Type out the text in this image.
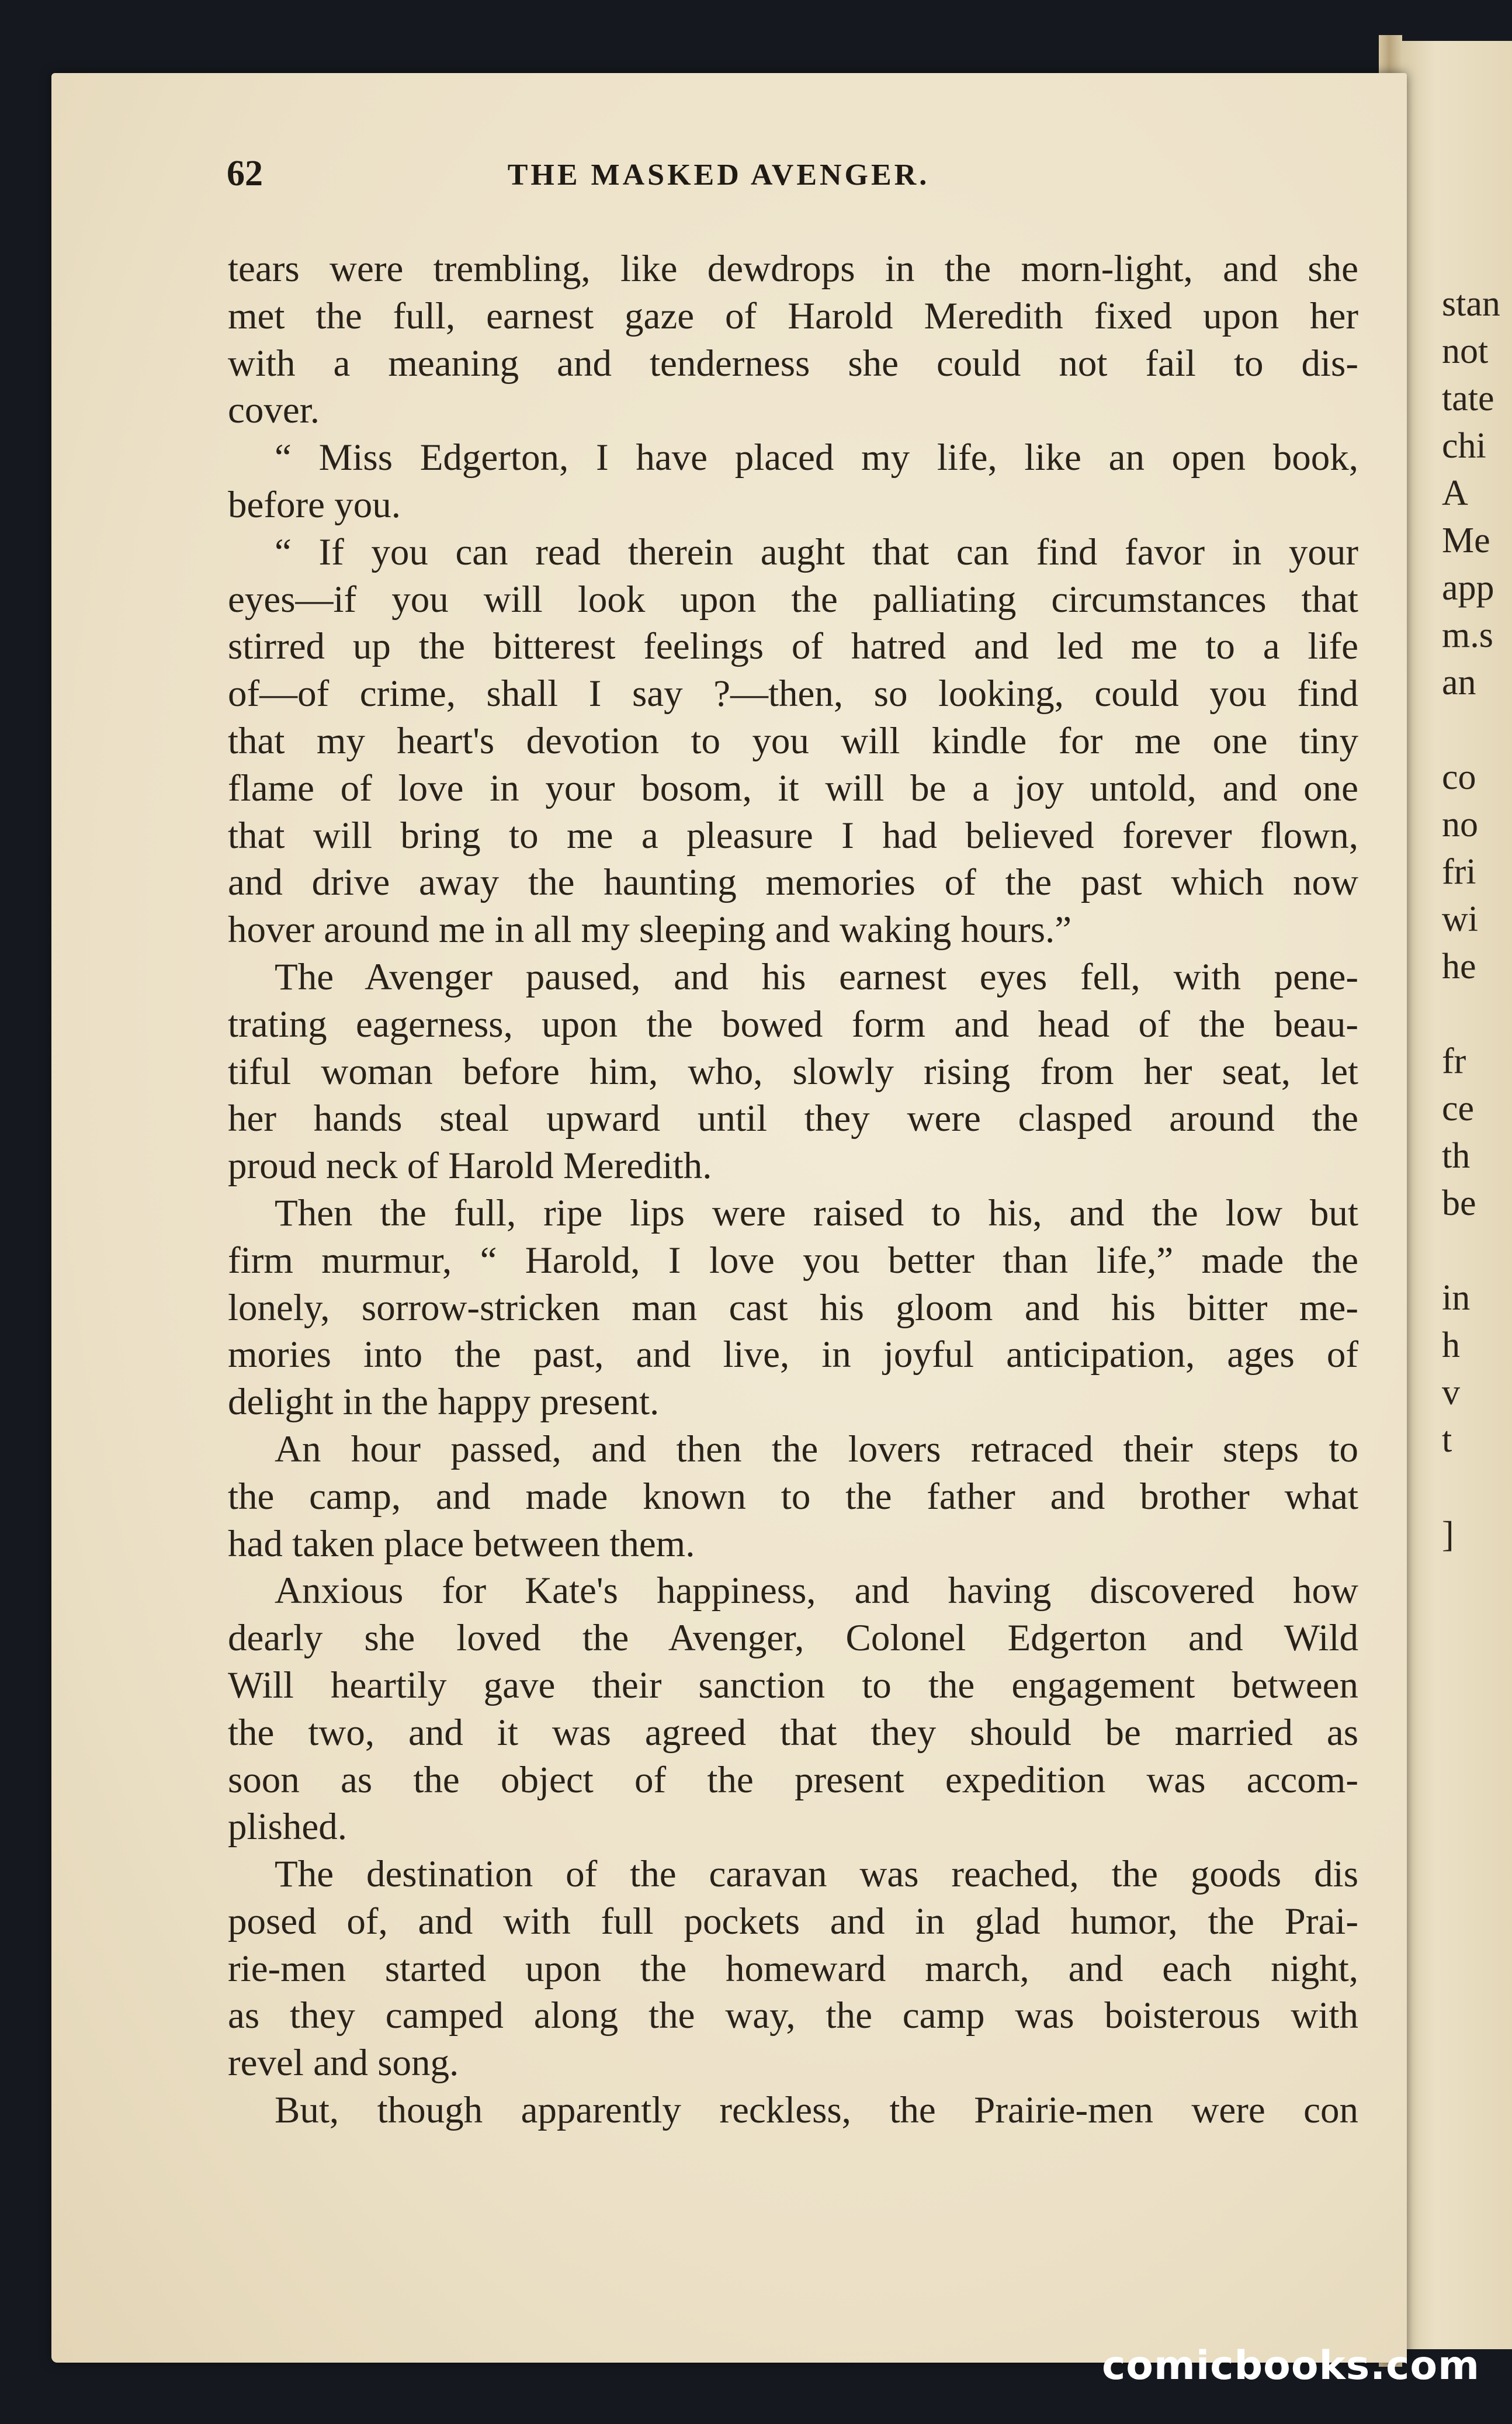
stan
not
tate
chi
A
Me
app
m.s
an
co
no
fri
wi
he
fr
ce
th
be
in
h
v
t
]
62	THE MASKED AVENGER.
tears were trembling, like dewdrops in the morn-light, and she
met the full, earnest gaze of Harold Meredith fixed upon her
with a meaning and tenderness she could not fail to dis-
cover.
“ Miss Edgerton, I have placed my life, like an open book,
before you.
“ If you can read therein aught that can find favor in your
eyes—if you will look upon the palliating circumstances that
stirred up the bitterest feelings of hatred and led me to a life
of—of crime, shall I say ?—then, so looking, could you find
that my heart's devotion to you will kindle for me one tiny
flame of love in your bosom, it will be a joy untold, and one
that will bring to me a pleasure I had believed forever flown,
and drive away the haunting memories of the past which now
hover around me in all my sleeping and waking hours.”
The Avenger paused, and his earnest eyes fell, with pene-
trating eagerness, upon the bowed form and head of the beau-
tiful woman before him, who, slowly rising from her seat, let
her hands steal upward until they were clasped around the
proud neck of Harold Meredith.
Then the full, ripe lips were raised to his, and the low but
firm murmur, “ Harold, I love you better than life,” made the
lonely, sorrow-stricken man cast his gloom and his bitter me-
mories into the past, and live, in joyful anticipation, ages of
delight in the happy present.
An hour passed, and then the lovers retraced their steps to
the camp, and made known to the father and brother what
had taken place between them.
Anxious for Kate's happiness, and having discovered how
dearly she loved the Avenger, Colonel Edgerton and Wild
Will heartily gave their sanction to the engagement between
the two, and it was agreed that they should be married as
soon as the object of the present expedition was accom-
plished.
The destination of the caravan was reached, the goods dis
posed of, and with full pockets and in glad humor, the Prai-
rie-men started upon the homeward march, and each night,
as they camped along the way, the camp was boisterous with
revel and song.
But, though apparently reckless, the Prairie-men were con
comicbooks.com
